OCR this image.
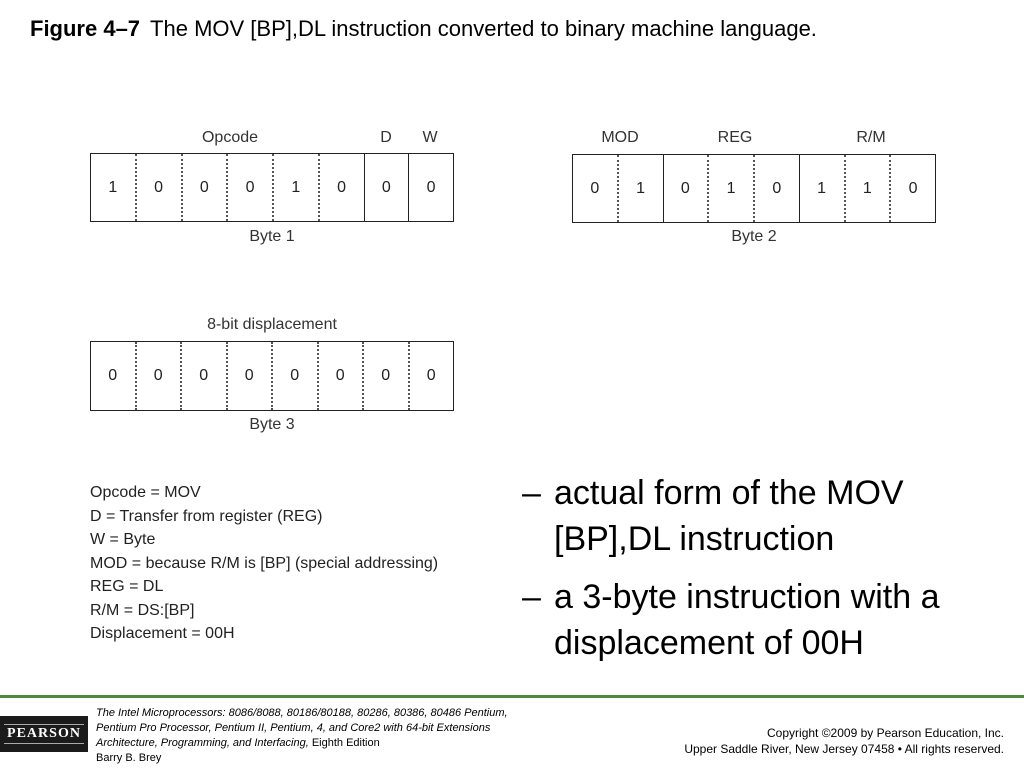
Figure 4–7 The MOV [BP],DL instruction converted to binary machine language.
Opcode	D	W
1	0	0	0	1	0	0	0
Byte 1
MOD	REG	R/M
0	1	0	1	0	1	1	0
Byte 2
8-bit displacement
0	0	0	0	0	0	0	0
Byte 3
Opcode = MOV
D = Transfer from register (REG)
W = Byte
MOD = because R/M is [BP] (special addressing)
REG = DL
R/M = DS:[BP]
Displacement = 00H
– actual form of the MOV [BP],DL instruction
– a 3-byte instruction with a displacement of 00H
PEARSON
The Intel Microprocessors: 8086/8088, 80186/80188, 80286, 80386, 80486 Pentium,
Pentium Pro Processor, Pentium II, Pentium, 4, and Core2 with 64-bit Extensions
Architecture, Programming, and Interfacing, Eighth Edition
Barry B. Brey
Copyright ©2009 by Pearson Education, Inc.
Upper Saddle River, New Jersey 07458 • All rights reserved.
